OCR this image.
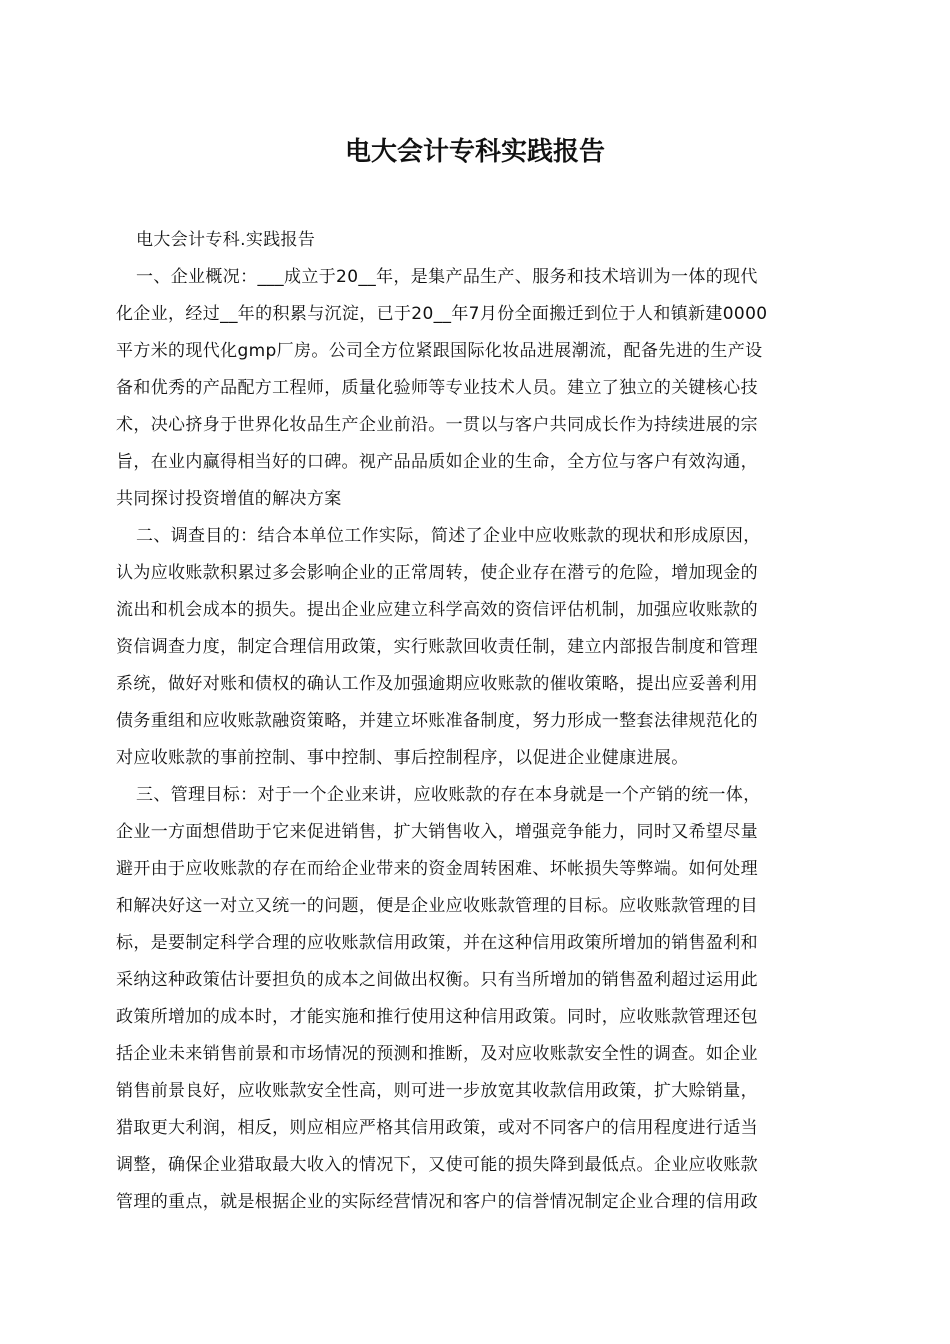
电大会计专科实践报告
电大会计专科.实践报告
一、企业概况：___成立于20__年，是集产品生产、服务和技术培训为一体的现代
化企业，经过__年的积累与沉淀，已于20__年7月份全面搬迁到位于人和镇新建0000
平方米的现代化gmp厂房。公司全方位紧跟国际化妆品进展潮流，配备先进的生产设
备和优秀的产品配方工程师，质量化验师等专业技术人员。建立了独立的关键核心技
术，决心挤身于世界化妆品生产企业前沿。一贯以与客户共同成长作为持续进展的宗
旨，在业内赢得相当好的口碑。视产品品质如企业的生命，全方位与客户有效沟通，
共同探讨投资增值的解决方案
二、调查目的：结合本单位工作实际，简述了企业中应收账款的现状和形成原因，
认为应收账款积累过多会影响企业的正常周转，使企业存在潜亏的危险，增加现金的
流出和机会成本的损失。提出企业应建立科学高效的资信评估机制，加强应收账款的
资信调查力度，制定合理信用政策，实行账款回收责任制，建立内部报告制度和管理
系统，做好对账和债权的确认工作及加强逾期应收账款的催收策略，提出应妥善利用
债务重组和应收账款融资策略，并建立坏账准备制度，努力形成一整套法律规范化的
对应收账款的事前控制、事中控制、事后控制程序，以促进企业健康进展。
三、管理目标：对于一个企业来讲，应收账款的存在本身就是一个产销的统一体，
企业一方面想借助于它来促进销售，扩大销售收入，增强竞争能力，同时又希望尽量
避开由于应收账款的存在而给企业带来的资金周转困难、坏帐损失等弊端。如何处理
和解决好这一对立又统一的问题，便是企业应收账款管理的目标。应收账款管理的目
标，是要制定科学合理的应收账款信用政策，并在这种信用政策所增加的销售盈利和
采纳这种政策估计要担负的成本之间做出权衡。只有当所增加的销售盈利超过运用此
政策所增加的成本时，才能实施和推行使用这种信用政策。同时，应收账款管理还包
括企业未来销售前景和市场情况的预测和推断，及对应收账款安全性的调查。如企业
销售前景良好，应收账款安全性高，则可进一步放宽其收款信用政策，扩大赊销量，
猎取更大利润，相反，则应相应严格其信用政策，或对不同客户的信用程度进行适当
调整，确保企业猎取最大收入的情况下，又使可能的损失降到最低点。企业应收账款
管理的重点，就是根据企业的实际经营情况和客户的信誉情况制定企业合理的信用政
